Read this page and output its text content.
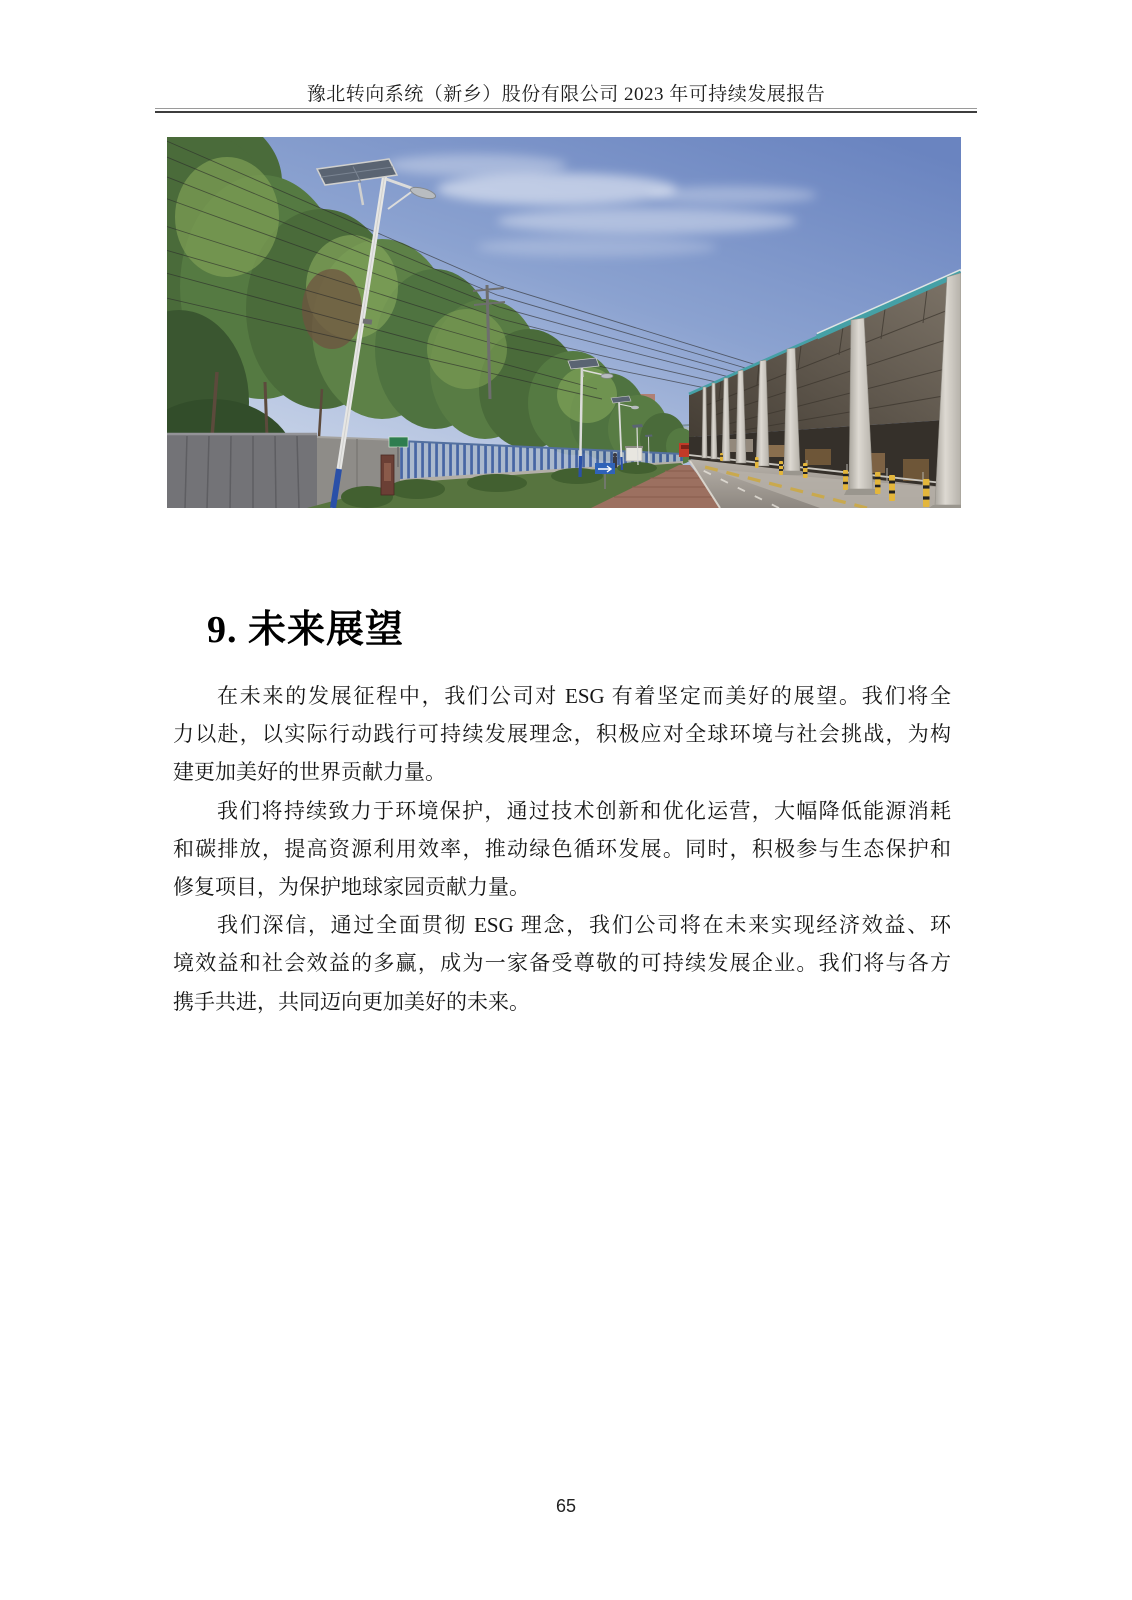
豫北转向系统（新乡）股份有限公司 2023 年可持续发展报告
9. 未来展望

在未来的发展征程中，我们公司对 ESG 有着坚定而美好的展望。我们将全
力以赴，以实际行动践行可持续发展理念，积极应对全球环境与社会挑战，为构
建更加美好的世界贡献力量。

我们将持续致力于环境保护，通过技术创新和优化运营，大幅降低能源消耗
和碳排放，提高资源利用效率，推动绿色循环发展。同时，积极参与生态保护和
修复项目，为保护地球家园贡献力量。

我们深信，通过全面贯彻 ESG 理念，我们公司将在未来实现经济效益、环
境效益和社会效益的多赢，成为一家备受尊敬的可持续发展企业。我们将与各方
携手共进，共同迈向更加美好的未来。

65
